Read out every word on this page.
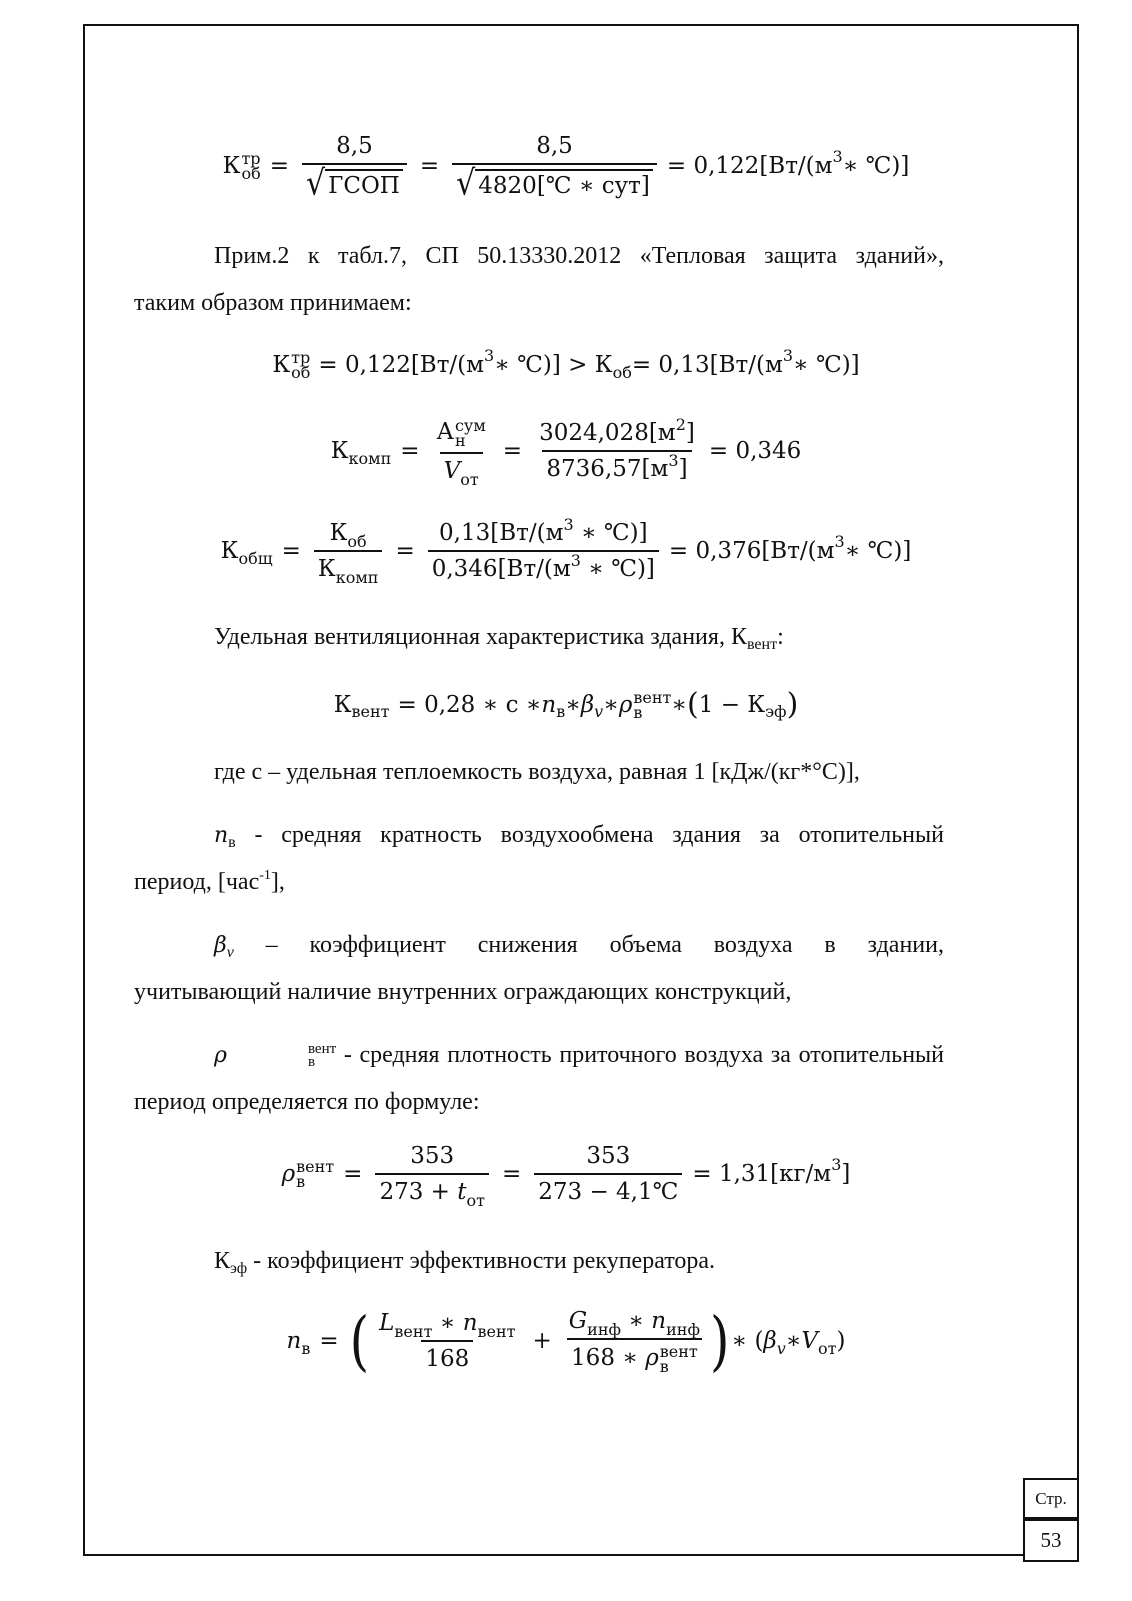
К тр
об = $\frac{8,5}{\text{√ ГСОП}} = \frac{8,5}{\text{√ 4820[℃ ∗ сут]}} = 0,122[Вт/(м$ 3 ∗ ℃)]
Прим.2 к табл.7, СП 50.13330.2012 «Тепловая защита зданий»,
таким образом принимаем:
К тр
об = 0,122[Вт/(м 3 ∗ ℃)] > К об = 0,13[Вт/(м 3 ∗ ℃)]
К комп = А сум
н
$V_{от} = \frac{3024,028[м^2]}{8736,57[м^3]} = 0,346$
К общ = $\frac{К_{об}}{К_{комп}} = \frac{0,13[Вт/(м^3 ∗ ℃)]}{0,346[Вт/(м^3 ∗ ℃)]} = 0,376[Вт/(м$ 3 ∗ ℃)]
Удельная вентиляционная характеристика здания, $К_{вент}$:
К вент = 0,28 ∗ с ∗ n в ∗ β v ∗ ρ вент
в	∗ ( 1 − К эф )
где с – удельная теплоемкость воздуха, равная 1 [кДж/(кг*°С)],
$n_в$ - средняя кратность воздухообмена здания за отопительный
период, [час$^{-1}$],
$\beta_v$ – коэффициент снижения объема воздуха в здании,
учитывающий наличие внутренних ограждающих конструкций,
ρ	вент
в - средняя плотность приточного воздуха за отопительный
период определяется по формуле:
ρ вент
в	= $\frac{353}{273 + t_{от}} = \frac{353}{273 - 4,1℃} = 1,31[кг/м$ 3 ]
$К_{эф}$ - коэффициент эффективности рекуператора.
n в = ( $\frac{L_{вент} ∗ n_{вент}}{168} + G_{инф}$ ∗ $n_{инф}$
168 ∗ ρ вент
в ) ∗ ( β v ∗ V от )
Стр.
53
